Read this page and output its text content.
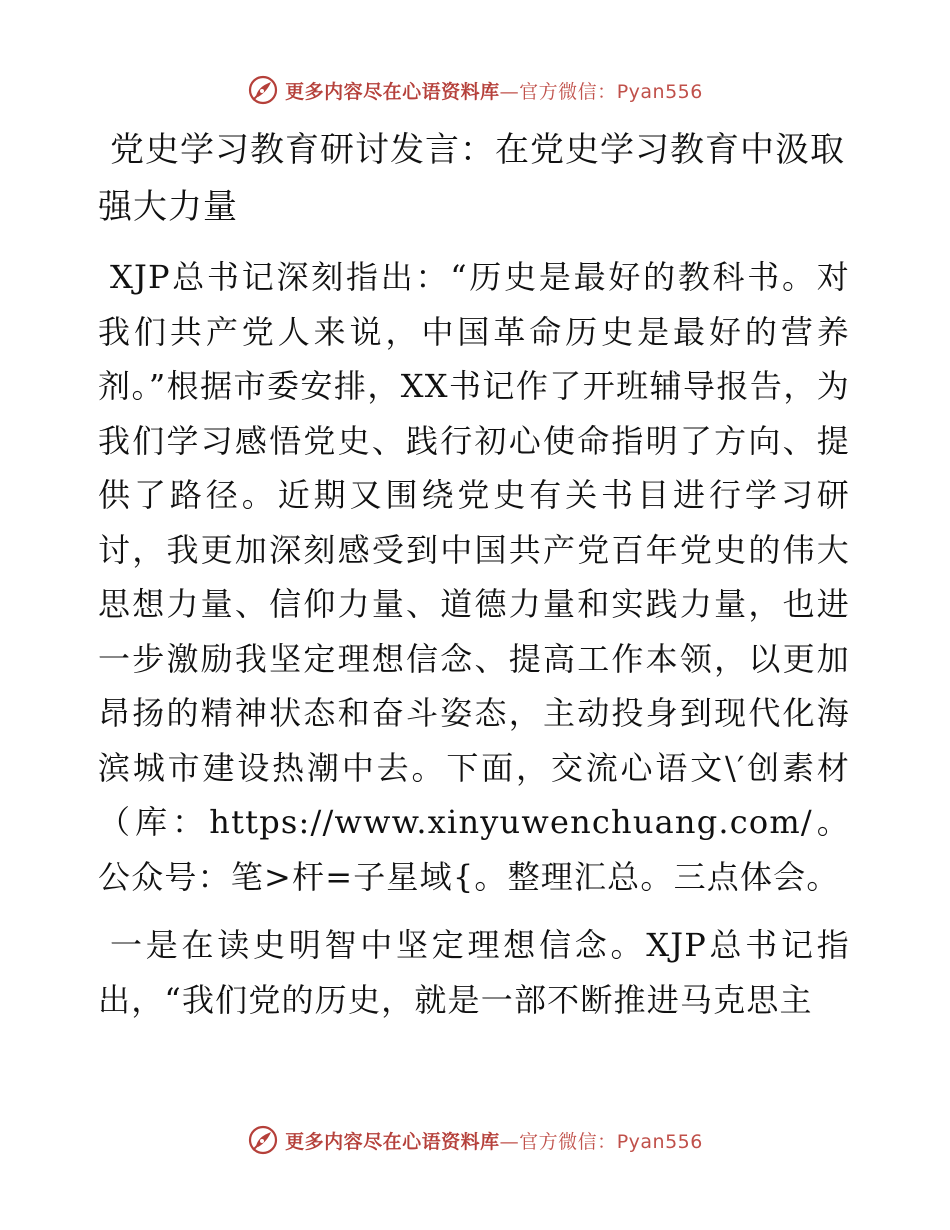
更多内容尽在心语资料库—官方微信：Pyan556
党史学习教育研讨发言：在党史学习教育中汲取强大力量

XJP总书记深刻指出：“历史是最好的教科书。对我们共产党人来说，中国革命历史是最好的营养剂。”根据市委安排，XX书记作了开班辅导报告，为我们学习感悟党史、践行初心使命指明了方向、提供了路径。近期又围绕党史有关书目进行学习研讨，我更加深刻感受到中国共产党百年党史的伟大思想力量、信仰力量、道德力量和实践力量，也进一步激励我坚定理想信念、提高工作本领，以更加昂扬的精神状态和奋斗姿态，主动投身到现代化海滨城市建设热潮中去。下面，交流心语文\′创素材（库：https://www.xinyuwenchuang.com/。公众号：笔>杆=子星域{。整理汇总。三点体会。

一是在读史明智中坚定理想信念。XJP总书记指出，“我们党的历史，就是一部不断推进马克思主

更多内容尽在心语资料库—官方微信：Pyan556
